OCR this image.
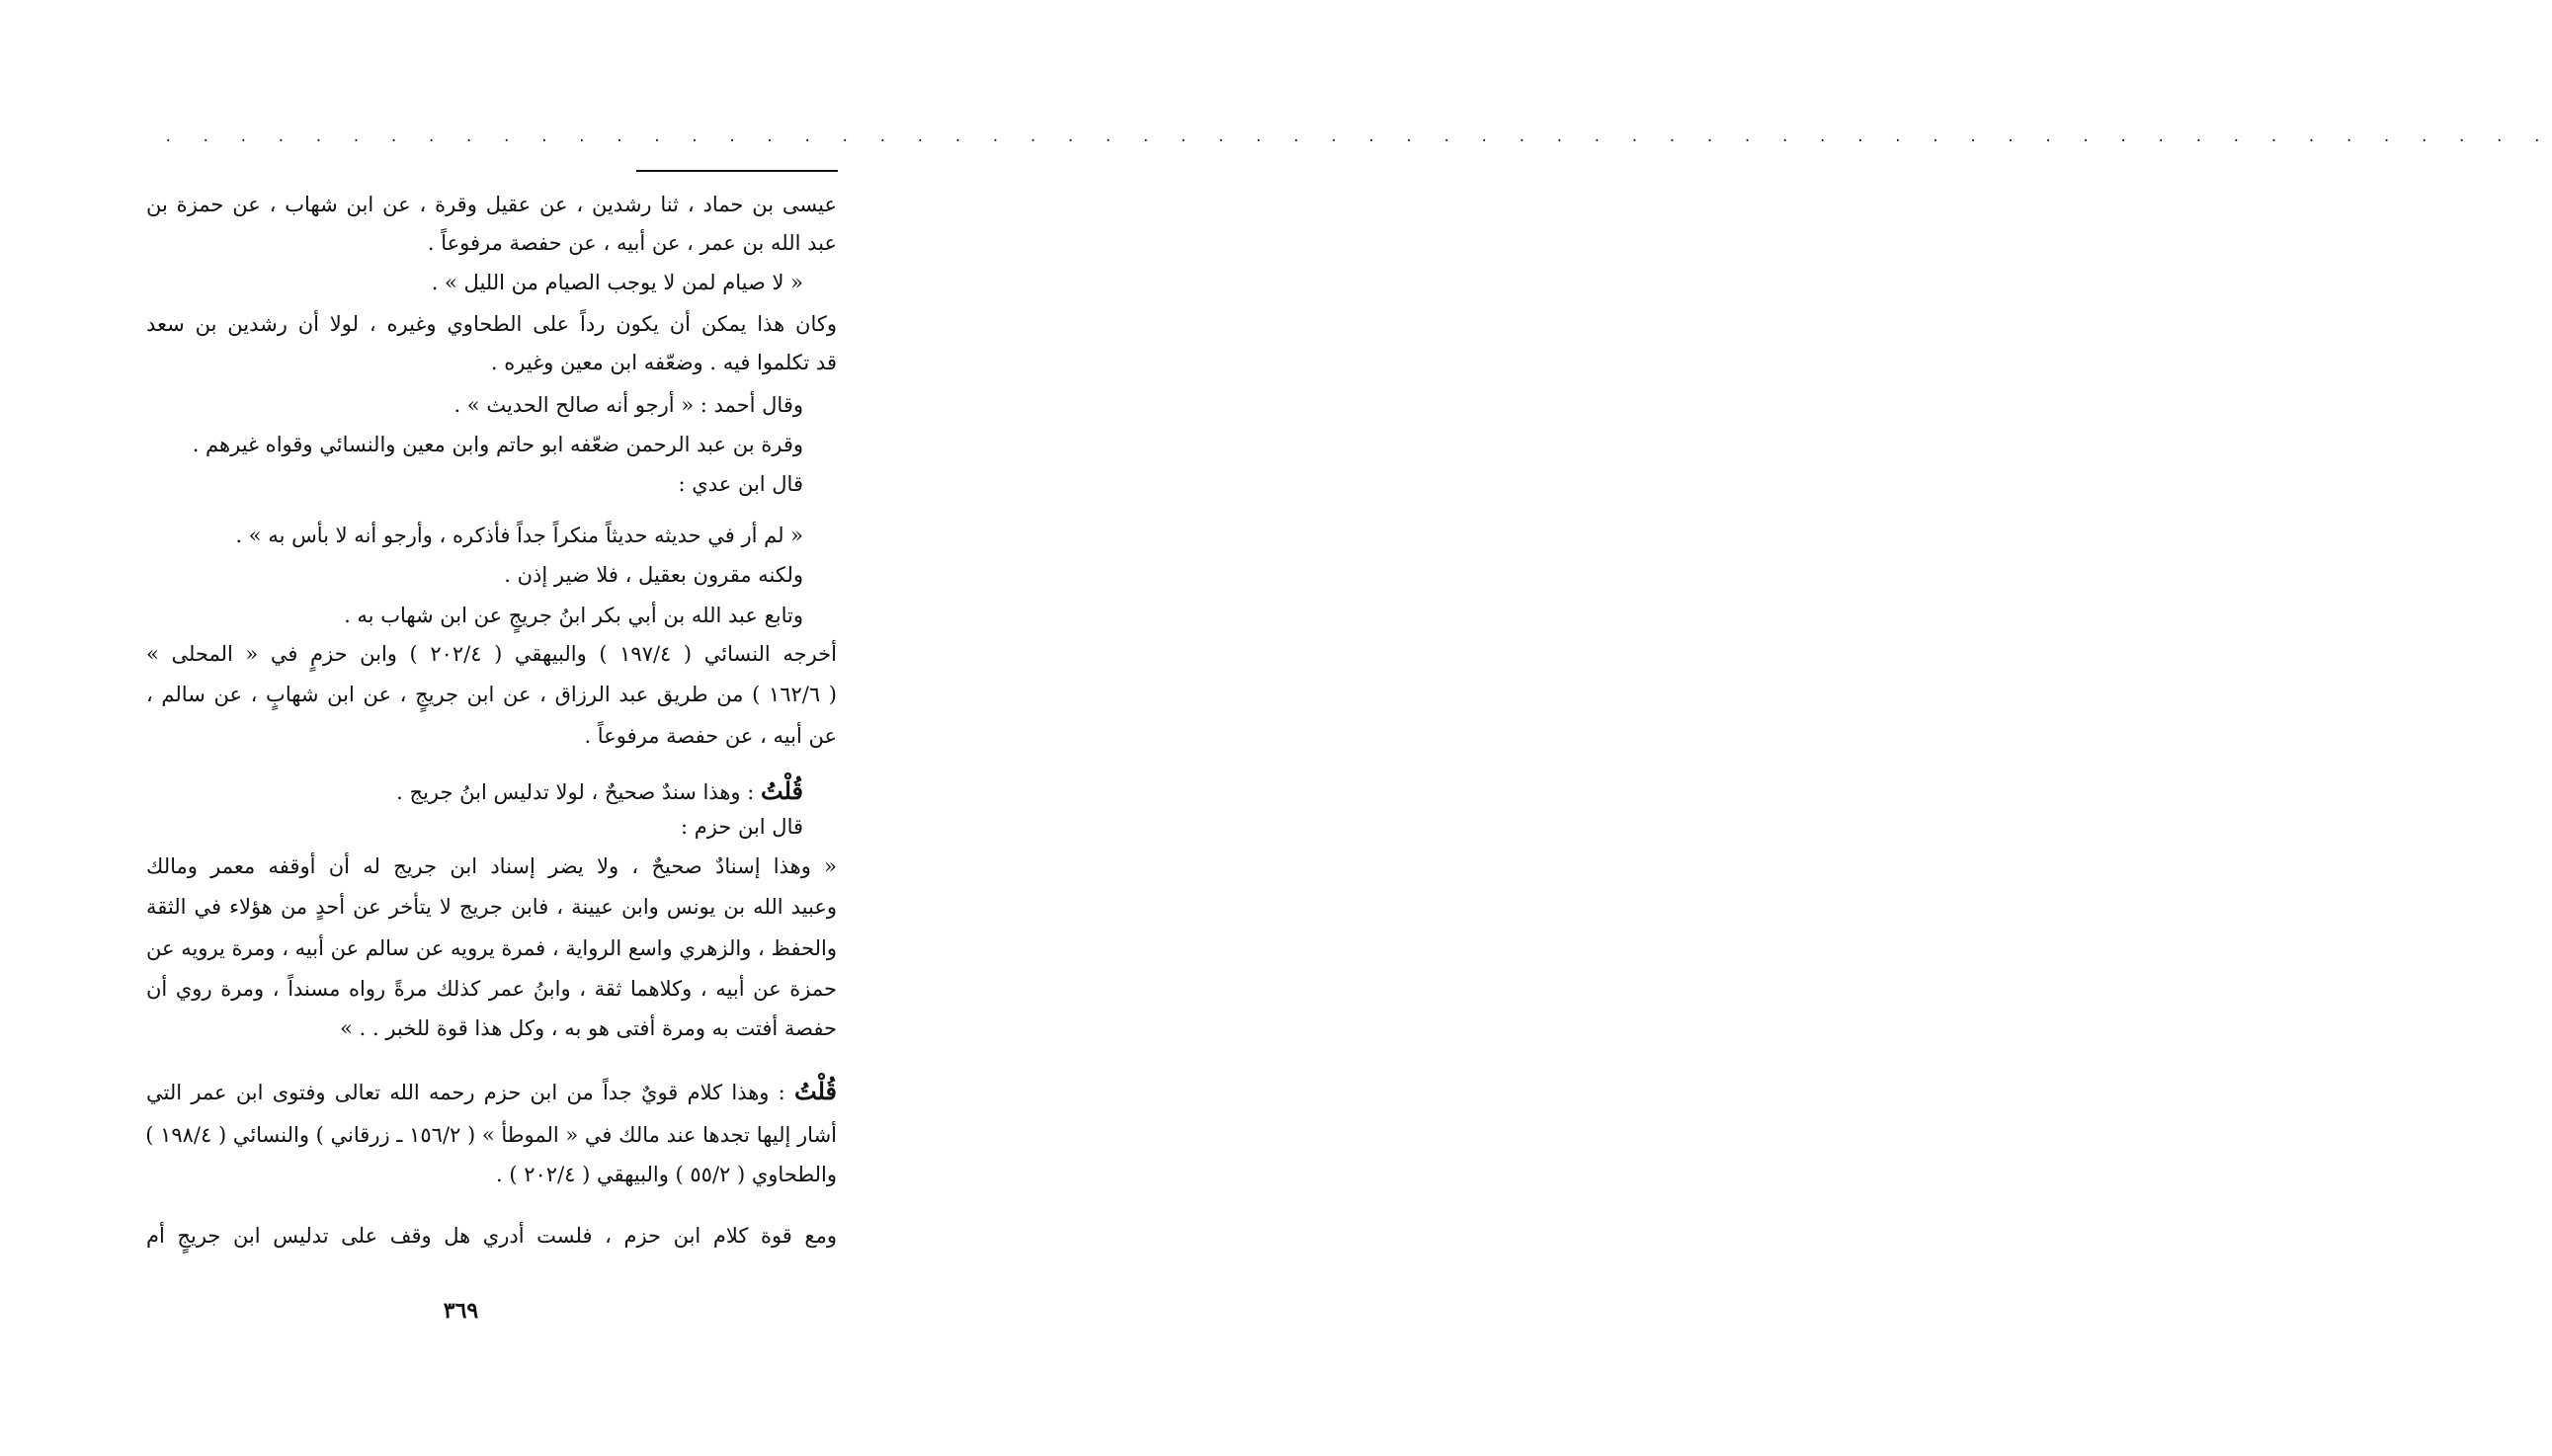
. . . . . . . . . . . . . . . . . . . . . . . . . . . . . . . . . . . . . . . . . . . . . . . . . . . . . . . . . . . . . . . .
عيسى بن حماد ، ثنا رشدين ، عن عقيل وقرة ، عن ابن شهاب ، عن حمزة بن
عبد الله بن عمر ، عن أبيه ، عن حفصة مرفوعاً .
« لا صيام لمن لا يوجب الصيام من الليل » .
وكان هذا يمكن أن يكون رداً على الطحاوي وغيره ، لولا أن رشدين بن سعد
قد تكلموا فيه . وضعّفه ابن معين وغيره .
وقال أحمد : « أرجو أنه صالح الحديث » .
وقرة بن عبد الرحمن ضعّفه ابو حاتم وابن معين والنسائي وقواه غيرهم .
قال ابن عدي :
« لم أر في حديثه حديثاً منكراً جداً فأذكره ، وأرجو أنه لا بأس به » .
ولكنه مقرون بعقيل ، فلا ضير إذن .
وتابع عبد الله بن أبي بكر ابنُ جريجٍ عن ابن شهاب به .
أخرجه النسائي ( ١٩٧/٤ ) والبيهقي ( ٢٠٢/٤ ) وابن حزمٍ في « المحلى »
( ١٦٢/٦ ) من طريق عبد الرزاق ، عن ابن جريجٍ ، عن ابن شهابٍ ، عن سالم ،
عن أبيه ، عن حفصة مرفوعاً .
قُلْتُ : وهذا سندٌ صحيحٌ ، لولا تدليس ابنُ جريج .
قال ابن حزم :
« وهذا إسنادٌ صحيحٌ ، ولا يضر إسناد ابن جريج له أن أوقفه معمر ومالك
وعبيد الله بن يونس وابن عيينة ، فابن جريج لا يتأخر عن أحدٍ من هؤلاء في الثقة
والحفظ ، والزهري واسع الرواية ، فمرة يرويه عن سالم عن أبيه ، ومرة يرويه عن
حمزة عن أبيه ، وكلاهما ثقة ، وابنُ عمر كذلك مرةً رواه مسنداً ، ومرة روي أن
حفصة أفتت به ومرة أفتى هو به ، وكل هذا قوة للخبر . . »
قُلْتُ : وهذا كلام قويٌ جداً من ابن حزم رحمه الله تعالى وفتوى ابن عمر التي
أشار إليها تجدها عند مالك في « الموطأ » ( ١٥٦/٢ ـ زرقاني ) والنسائي ( ١٩٨/٤ )
والطحاوي ( ٥٥/٢ ) والبيهقي ( ٢٠٢/٤ ) .
ومع قوة كلام ابن حزم ، فلست أدري هل وقف على تدليس ابن جريجٍ أم
٣٦٩
